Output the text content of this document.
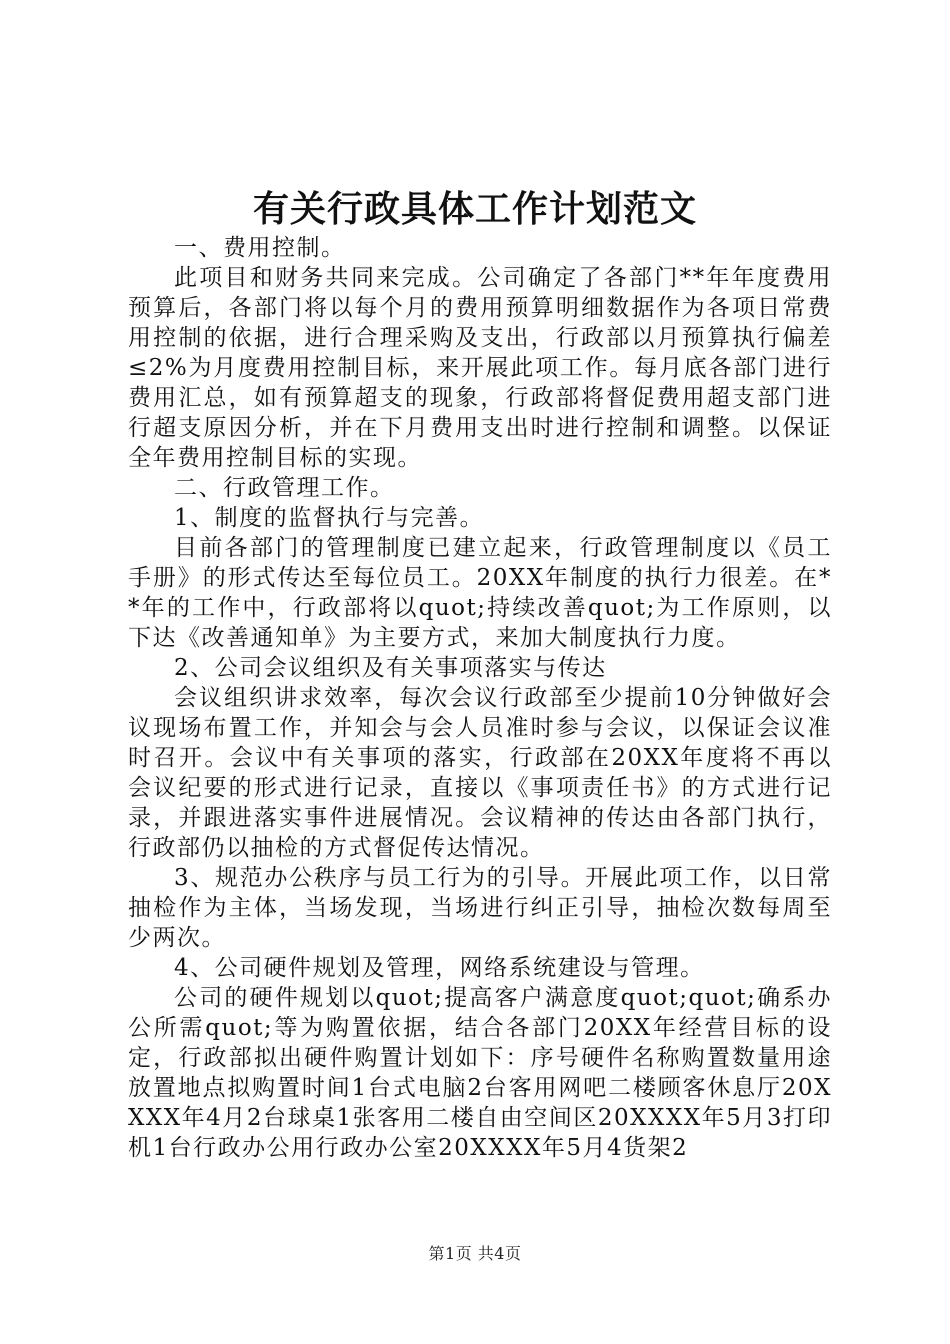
有关行政具体工作计划范文

一、费用控制。

此项目和财务共同来完成。公司确定了各部门**年年度费用预算后，各部门将以每个月的费用预算明细数据作为各项日常费用控制的依据，进行合理采购及支出，行政部以月预算执行偏差≤2%为月度费用控制目标，来开展此项工作。每月底各部门进行费用汇总，如有预算超支的现象，行政部将督促费用超支部门进行超支原因分析，并在下月费用支出时进行控制和调整。以保证全年费用控制目标的实现。

二、行政管理工作。

1、制度的监督执行与完善。

目前各部门的管理制度已建立起来，行政管理制度以《员工手册》的形式传达至每位员工。20XX年制度的执行力很差。在**年的工作中，行政部将以quot;持续改善quot;为工作原则，以下达《改善通知单》为主要方式，来加大制度执行力度。

2、公司会议组织及有关事项落实与传达

会议组织讲求效率，每次会议行政部至少提前10分钟做好会议现场布置工作，并知会与会人员准时参与会议，以保证会议准时召开。会议中有关事项的落实，行政部在20XX年度将不再以会议纪要的形式进行记录，直接以《事项责任书》的方式进行记录，并跟进落实事件进展情况。会议精神的传达由各部门执行，行政部仍以抽检的方式督促传达情况。

3、规范办公秩序与员工行为的引导。开展此项工作，以日常抽检作为主体，当场发现，当场进行纠正引导，抽检次数每周至少两次。

4、公司硬件规划及管理，网络系统建设与管理。

公司的硬件规划以quot;提高客户满意度quot;quot;确系办公所需quot;等为购置依据，结合各部门20XX年经营目标的设定，行政部拟出硬件购置计划如下：序号硬件名称购置数量用途放置地点拟购置时间1台式电脑2台客用网吧二楼顾客休息厅20XXXX年4月2台球桌1张客用二楼自由空间区20XXXX年5月3打印机1台行政办公用行政办公室20XXXX年5月4货架2

第1页 共4页
